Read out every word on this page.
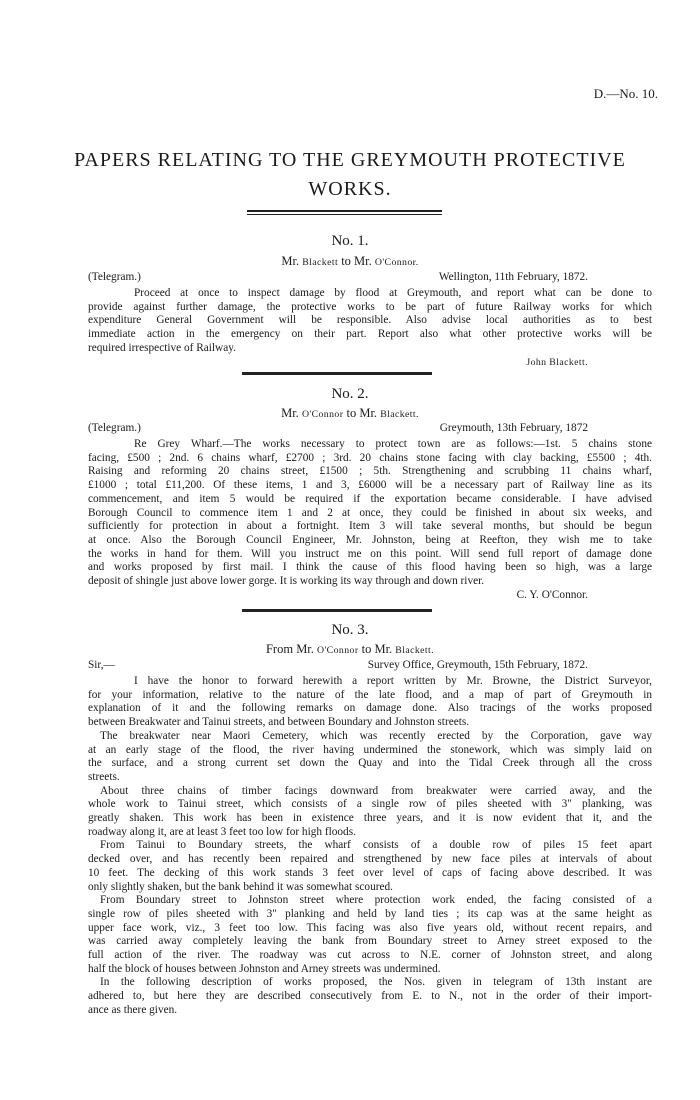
D.—No. 10.
PAPERS RELATING TO THE GREYMOUTH PROTECTIVE
WORKS.
No. 1.
Mr. Blackett to Mr. O'Connor.
(Telegram.)	Wellington, 11th February, 1872.
Proceed at once to inspect damage by flood at Greymouth, and report what can be done to
provide against further damage, the protective works to be part of future Railway works for which
expenditure General Government will be responsible. Also advise local authorities as to best
immediate action in the emergency on their part. Report also what other protective works will be
required irrespective of Railway.
John Blackett.
No. 2.
Mr. O'Connor to Mr. Blackett.
(Telegram.)	Greymouth, 13th February, 1872
Re Grey Wharf.—The works necessary to protect town are as follows:—1st. 5 chains stone
facing, £500 ; 2nd. 6 chains wharf, £2700 ; 3rd. 20 chains stone facing with clay backing, £5500 ; 4th.
Raising and reforming 20 chains street, £1500 ; 5th. Strengthening and scrubbing 11 chains wharf,
£1000 ; total £11,200. Of these items, 1 and 3, £6000 will be a necessary part of Railway line as its
commencement, and item 5 would be required if the exportation became considerable. I have advised
Borough Council to commence item 1 and 2 at once, they could be finished in about six weeks, and
sufficiently for protection in about a fortnight. Item 3 will take several months, but should be begun
at once. Also the Borough Council Engineer, Mr. Johnston, being at Reefton, they wish me to take
the works in hand for them. Will you instruct me on this point. Will send full report of damage done
and works proposed by first mail. I think the cause of this flood having been so high, was a large
deposit of shingle just above lower gorge. It is working its way through and down river.
C. Y. O'Connor.
No. 3.
From Mr. O'Connor to Mr. Blackett.
Sir,—	Survey Office, Greymouth, 15th February, 1872.
I have the honor to forward herewith a report written by Mr. Browne, the District Surveyor,
for your information, relative to the nature of the late flood, and a map of part of Greymouth in
explanation of it and the following remarks on damage done. Also tracings of the works proposed
between Breakwater and Tainui streets, and between Boundary and Johnston streets.
The breakwater near Maori Cemetery, which was recently erected by the Corporation, gave way
at an early stage of the flood, the river having undermined the stonework, which was simply laid on
the surface, and a strong current set down the Quay and into the Tidal Creek through all the cross
streets.
About three chains of timber facings downward from breakwater were carried away, and the
whole work to Tainui street, which consists of a single row of piles sheeted with 3" planking, was
greatly shaken. This work has been in existence three years, and it is now evident that it, and the
roadway along it, are at least 3 feet too low for high floods.
From Tainui to Boundary streets, the wharf consists of a double row of piles 15 feet apart
decked over, and has recently been repaired and strengthened by new face piles at intervals of about
10 feet. The decking of this work stands 3 feet over level of caps of facing above described. It was
only slightly shaken, but the bank behind it was somewhat scoured.
From Boundary street to Johnston street where protection work ended, the facing consisted of a
single row of piles sheeted with 3" planking and held by land ties ; its cap was at the same height as
upper face work, viz., 3 feet too low. This facing was also five years old, without recent repairs, and
was carried away completely leaving the bank from Boundary street to Arney street exposed to the
full action of the river. The roadway was cut across to N.E. corner of Johnston street, and along
half the block of houses between Johnston and Arney streets was undermined.
In the following description of works proposed, the Nos. given in telegram of 13th instant are
adhered to, but here they are described consecutively from E. to N., not in the order of their import-
ance as there given.
